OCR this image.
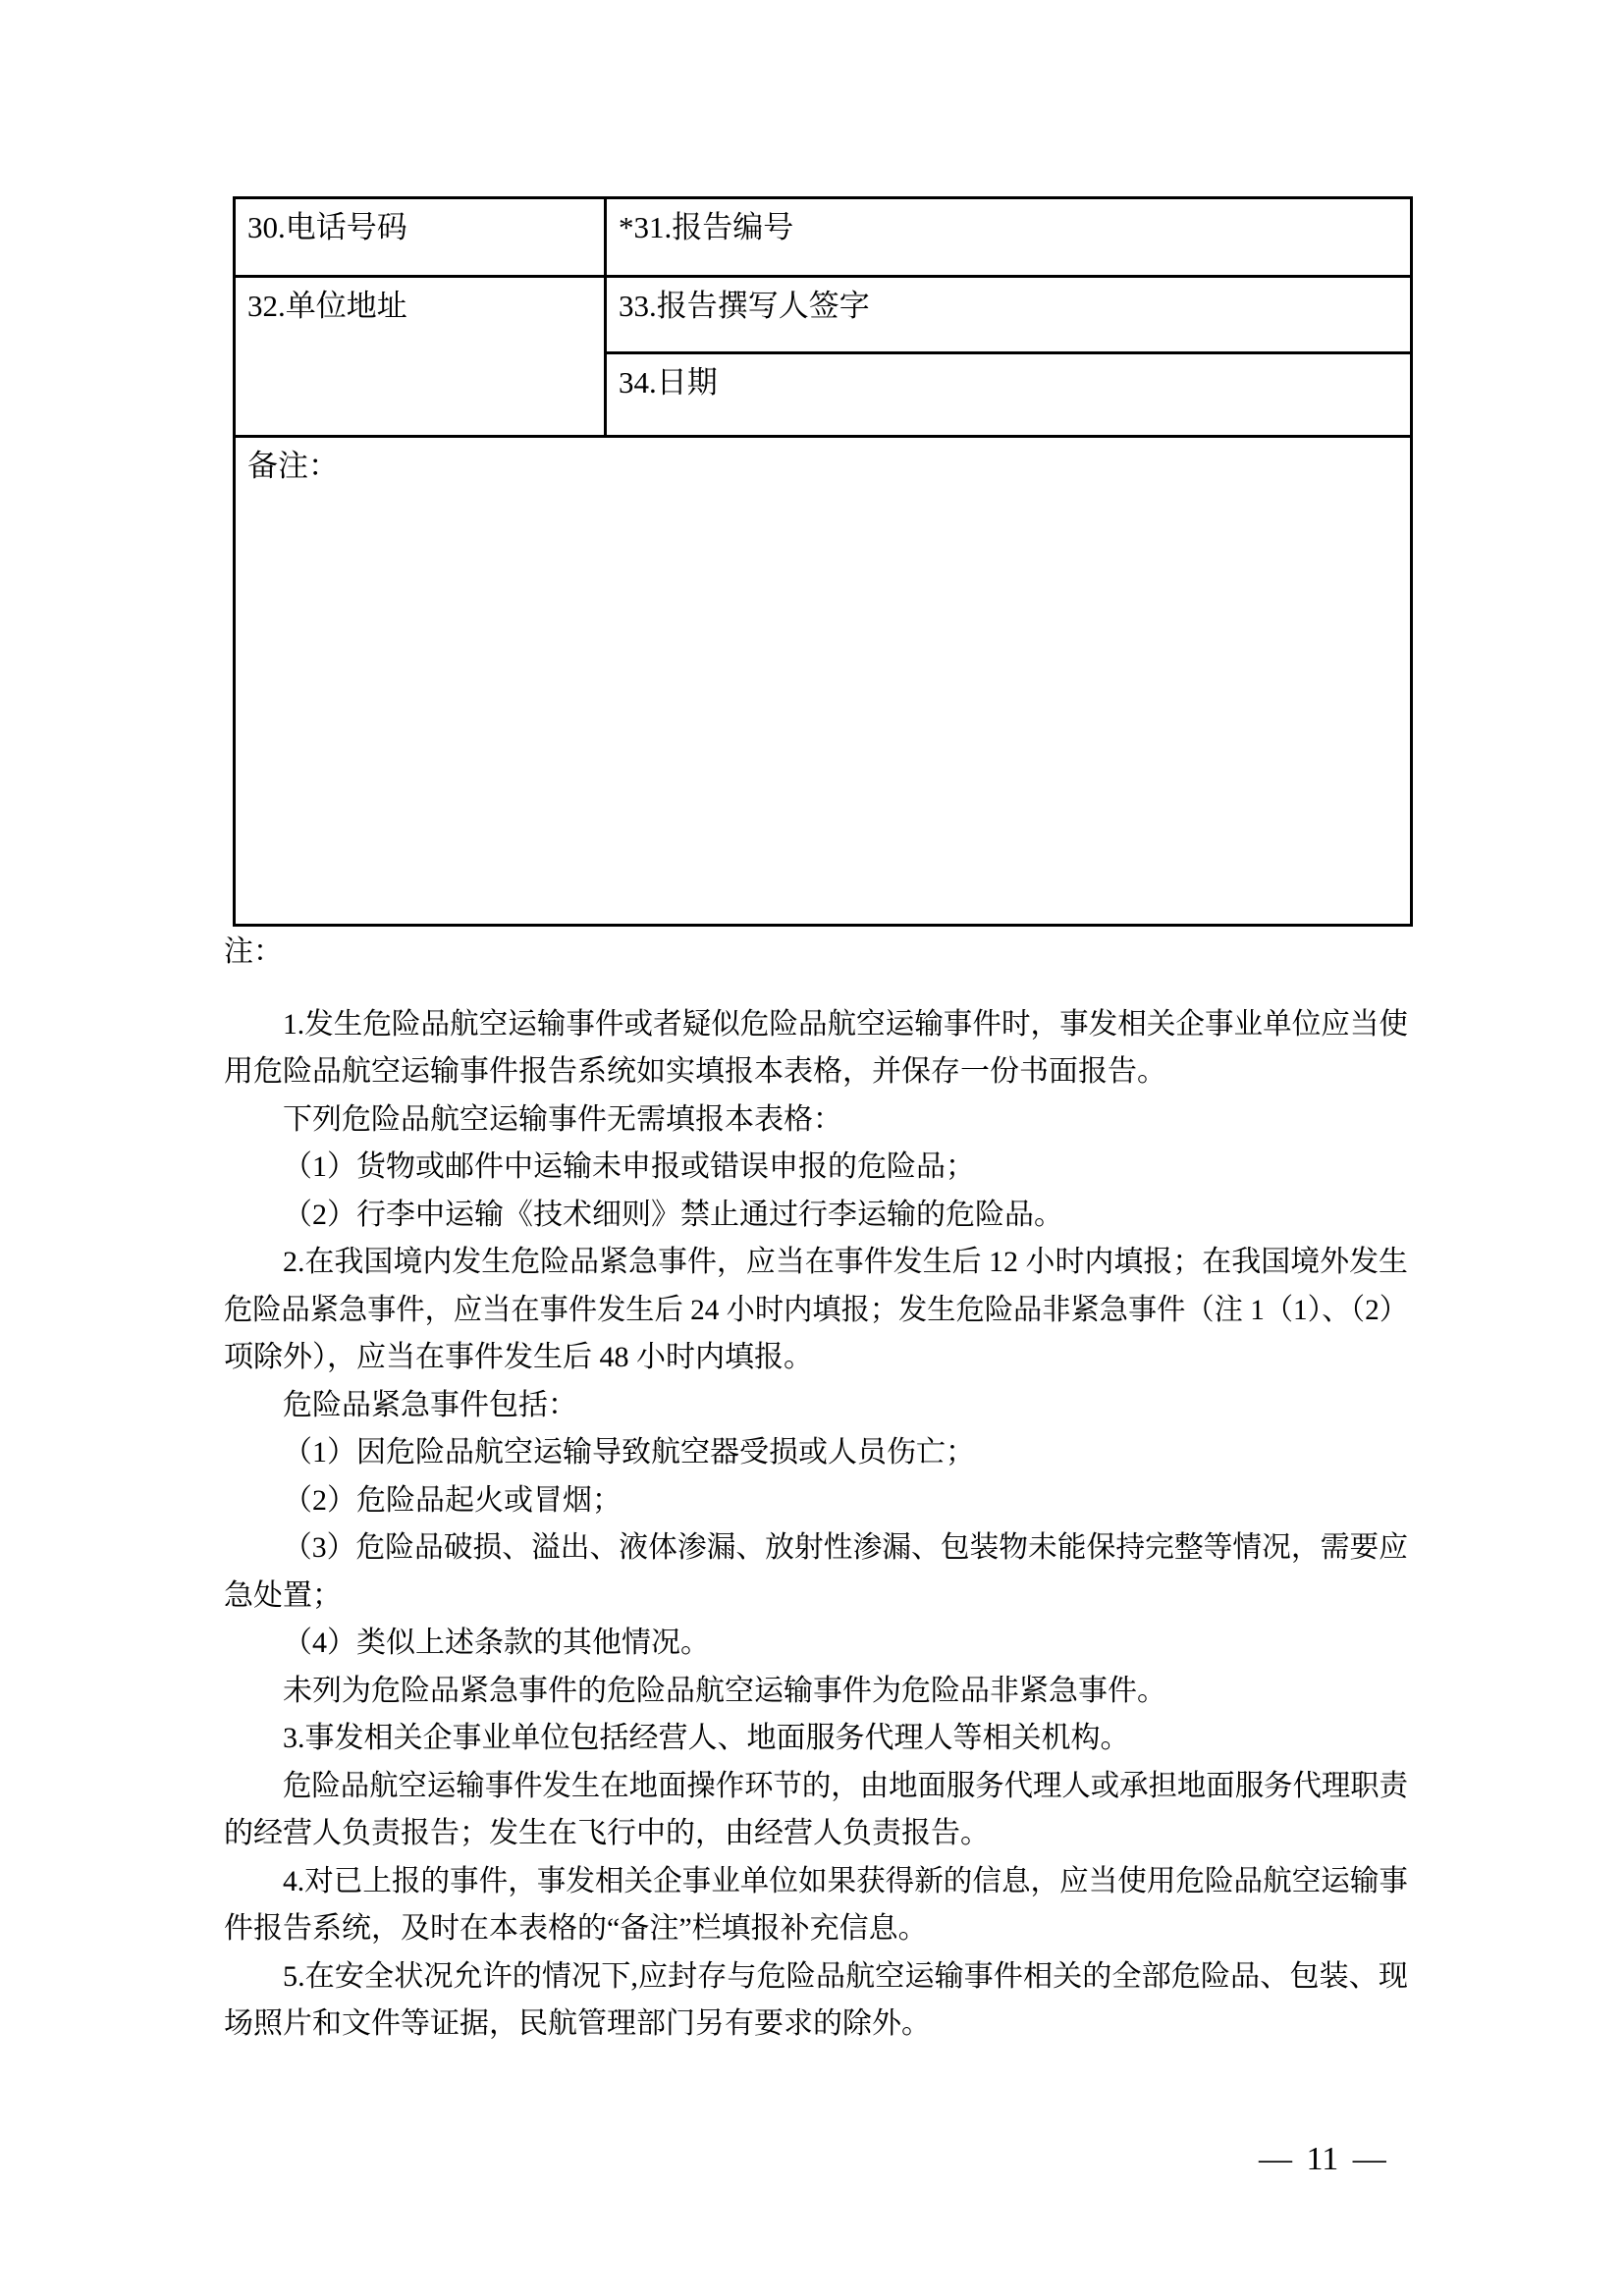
30.电话号码	*31.报告编号
32.单位地址	33.报告撰写人签字
	34.日期
备注：	
注：
1.发生危险品航空运输事件或者疑似危险品航空运输事件时，事发相关企事业单位应当使
用危险品航空运输事件报告系统如实填报本表格，并保存一份书面报告。
下列危险品航空运输事件无需填报本表格：
（1）货物或邮件中运输未申报或错误申报的危险品；
（2）行李中运输《技术细则》禁止通过行李运输的危险品。
2.在我国境内发生危险品紧急事件，应当在事件发生后 12 小时内填报；在我国境外发生
危险品紧急事件，应当在事件发生后 24 小时内填报；发生危险品非紧急事件（注 1（1）、（2）
项除外），应当在事件发生后 48 小时内填报。
危险品紧急事件包括：
（1）因危险品航空运输导致航空器受损或人员伤亡；
（2）危险品起火或冒烟；
（3）危险品破损、溢出、液体渗漏、放射性渗漏、包装物未能保持完整等情况，需要应
急处置；
（4）类似上述条款的其他情况。
未列为危险品紧急事件的危险品航空运输事件为危险品非紧急事件。
3.事发相关企事业单位包括经营人、地面服务代理人等相关机构。
危险品航空运输事件发生在地面操作环节的，由地面服务代理人或承担地面服务代理职责
的经营人负责报告；发生在飞行中的，由经营人负责报告。
4.对已上报的事件，事发相关企事业单位如果获得新的信息，应当使用危险品航空运输事
件报告系统，及时在本表格的“备注”栏填报补充信息。
5.在安全状况允许的情况下,应封存与危险品航空运输事件相关的全部危险品、包装、现
场照片和文件等证据，民航管理部门另有要求的除外。
— 11 —
